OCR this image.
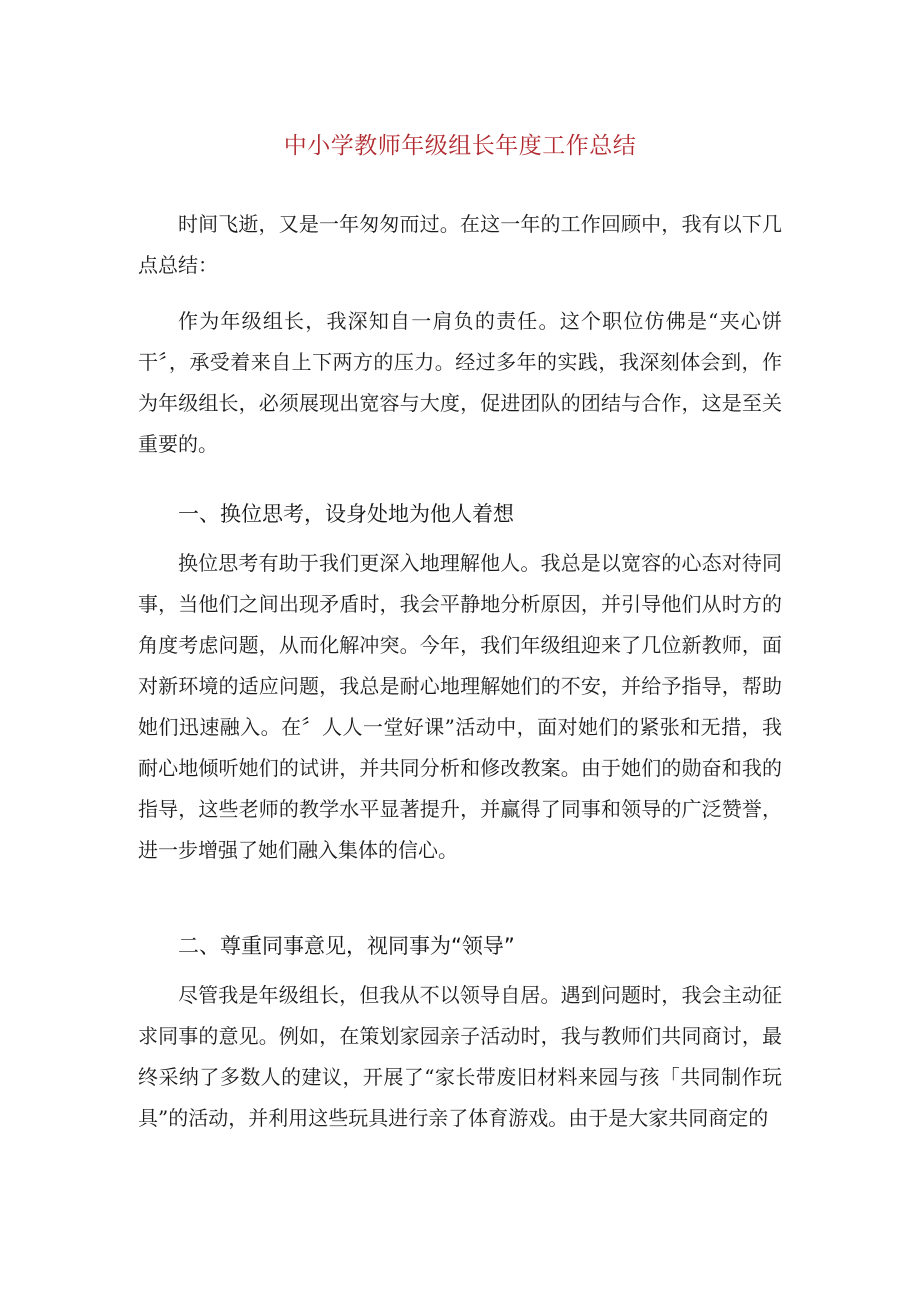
中小学教师年级组长年度工作总结

时间飞逝，又是一年匆匆而过。在这一年的工作回顾中，我有以下几点总结：

作为年级组长，我深知自一肩负的责任。这个职位仿佛是“夹心饼干〞，承受着来自上下两方的压力。经过多年的实践，我深刻体会到，作为年级组长，必须展现出宽容与大度，促进团队的团结与合作，这是至关重要的。

一、换位思考，设身处地为他人着想

换位思考有助于我们更深入地理解他人。我总是以宽容的心态对待同事，当他们之间出现矛盾时，我会平静地分析原因，并引导他们从时方的角度考虑问题，从而化解冲突。今年，我们年级组迎来了几位新教师，面对新环境的适应问题，我总是耐心地理解她们的不安，并给予指导，帮助她们迅速融入。在〞人人一堂好课”活动中，面对她们的紧张和无措，我耐心地倾听她们的试讲，并共同分析和修改教案。由于她们的勋奋和我的指导，这些老师的教学水平显著提升，并赢得了同事和领导的广泛赞誉，进一步增强了她们融入集体的信心。

二、尊重同事意见，视同事为“领导”

尽管我是年级组长，但我从不以领导自居。遇到问题时，我会主动征求同事的意见。例如，在策划家园亲子活动时，我与教师们共同商讨，最终采纳了多数人的建议，开展了“家长带废旧材料来园与孩「共同制作玩具”的活动，并利用这些玩具进行亲了体育游戏。由于是大家共同商定的
